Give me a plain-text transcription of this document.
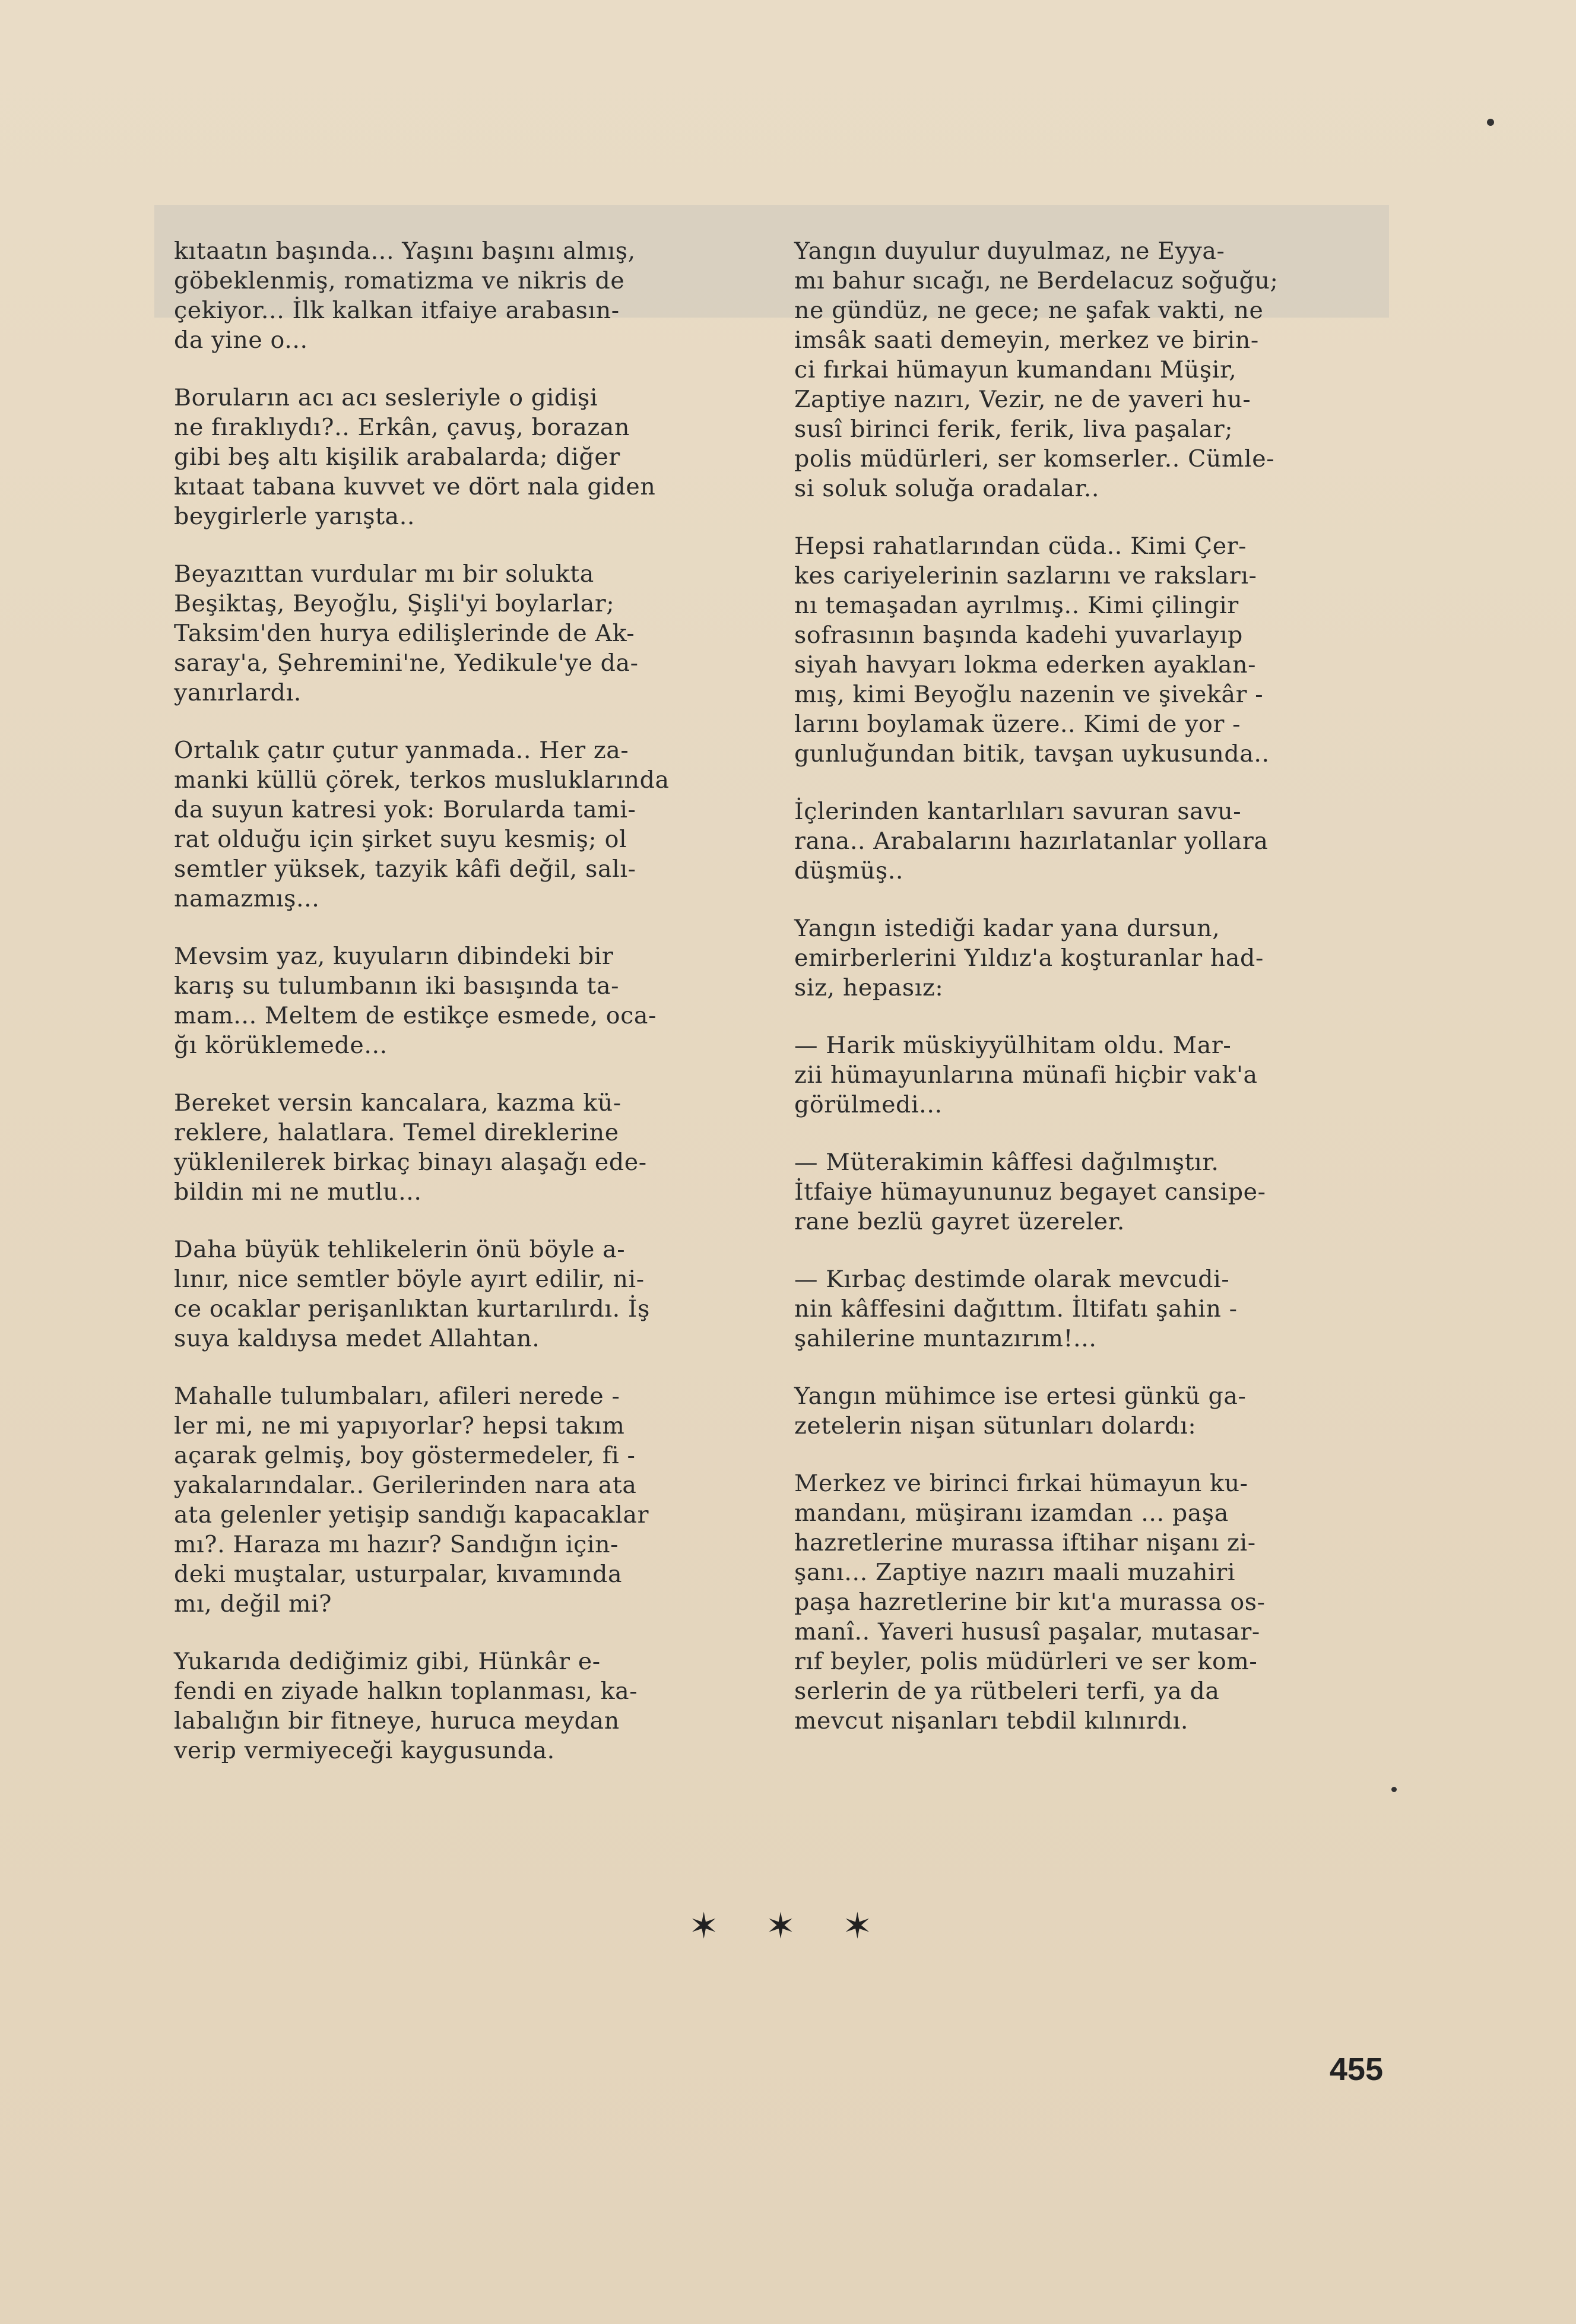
kıtaatın başında... Yaşını başını almış,
göbeklenmiş, romatizma ve nikris de
çekiyor... İlk kalkan itfaiye arabasın-
da yine o...

Boruların acı acı sesleriyle o gidişi
ne fıraklıydı?.. Erkân, çavuş, borazan
gibi beş altı kişilik arabalarda; diğer
kıtaat tabana kuvvet ve dört nala giden
beygirlerle yarışta..

Beyazıttan vurdular mı bir solukta
Beşiktaş, Beyoğlu, Şişli'yi boylarlar;
Taksim'den hurya edilişlerinde de Ak-
saray'a, Şehremini'ne, Yedikule'ye da-
yanırlardı.

Ortalık çatır çutur yanmada.. Her za-
manki küllü çörek, terkos musluklarında
da suyun katresi yok: Borularda tami-
rat olduğu için şirket suyu kesmiş; ol
semtler yüksek, tazyik kâfi değil, salı-
namazmış...

Mevsim yaz, kuyuların dibindeki bir
karış su tulumbanın iki basışında ta-
mam... Meltem de estikçe esmede, oca-
ğı körüklemede...

Bereket versin kancalara, kazma kü-
reklere, halatlara. Temel direklerine
yüklenilerek birkaç binayı alaşağı ede-
bildin mi ne mutlu...

Daha büyük tehlikelerin önü böyle a-
lınır, nice semtler böyle ayırt edilir, ni-
ce ocaklar perişanlıktan kurtarılırdı. İş
suya kaldıysa medet Allahtan.

Mahalle tulumbaları, afileri nerede -
ler mi, ne mi yapıyorlar? hepsi takım
açarak gelmiş, boy göstermedeler, fi -
yakalarındalar.. Gerilerinden nara ata
ata gelenler yetişip sandığı kapacaklar
mı?. Haraza mı hazır? Sandığın için-
deki muştalar, usturpalar, kıvamında
mı, değil mi?

Yukarıda dediğimiz gibi, Hünkâr e-
fendi en ziyade halkın toplanması, ka-
labalığın bir fitneye, huruca meydan
verip vermiyeceği kaygusunda.

Yangın duyulur duyulmaz, ne Eyya-
mı bahur sıcağı, ne Berdelacuz soğuğu;
ne gündüz, ne gece; ne şafak vakti, ne
imsâk saati demeyin, merkez ve birin-
ci fırkai hümayun kumandanı Müşir,
Zaptiye nazırı, Vezir, ne de yaveri hu-
susî birinci ferik, ferik, liva paşalar;
polis müdürleri, ser komserler.. Cümle-
si soluk soluğa oradalar..

Hepsi rahatlarından cüda.. Kimi Çer-
kes cariyelerinin sazlarını ve raksları-
nı temaşadan ayrılmış.. Kimi çilingir
sofrasının başında kadehi yuvarlayıp
siyah havyarı lokma ederken ayaklan-
mış, kimi Beyoğlu nazenin ve şivekâr -
larını boylamak üzere.. Kimi de yor -
gunluğundan bitik, tavşan uykusunda..

İçlerinden kantarlıları savuran savu-
rana.. Arabalarını hazırlatanlar yollara
düşmüş..

Yangın istediği kadar yana dursun,
emirberlerini Yıldız'a koşturanlar had-
siz, hepasız:

— Harik müskiyyülhitam oldu. Mar-
zii hümayunlarına münafi hiçbir vak'a
görülmedi...

— Müterakimin kâffesi dağılmıştır.
İtfaiye hümayununuz begayet cansipe-
rane bezlü gayret üzereler.

— Kırbaç destimde olarak mevcudi-
nin kâffesini dağıttım. İltifatı şahin -
şahilerine muntazırım!...

Yangın mühimce ise ertesi günkü ga-
zetelerin nişan sütunları dolardı:

Merkez ve birinci fırkai hümayun ku-
mandanı, müşiranı izamdan ... paşa
hazretlerine murassa iftihar nişanı zi-
şanı... Zaptiye nazırı maali muzahiri
paşa hazretlerine bir kıt'a murassa os-
manî.. Yaveri hususî paşalar, mutasar-
rıf beyler, polis müdürleri ve ser kom-
serlerin de ya rütbeleri terfi, ya da
mevcut nişanları tebdil kılınırdı.

✶ ✶ ✶
455
